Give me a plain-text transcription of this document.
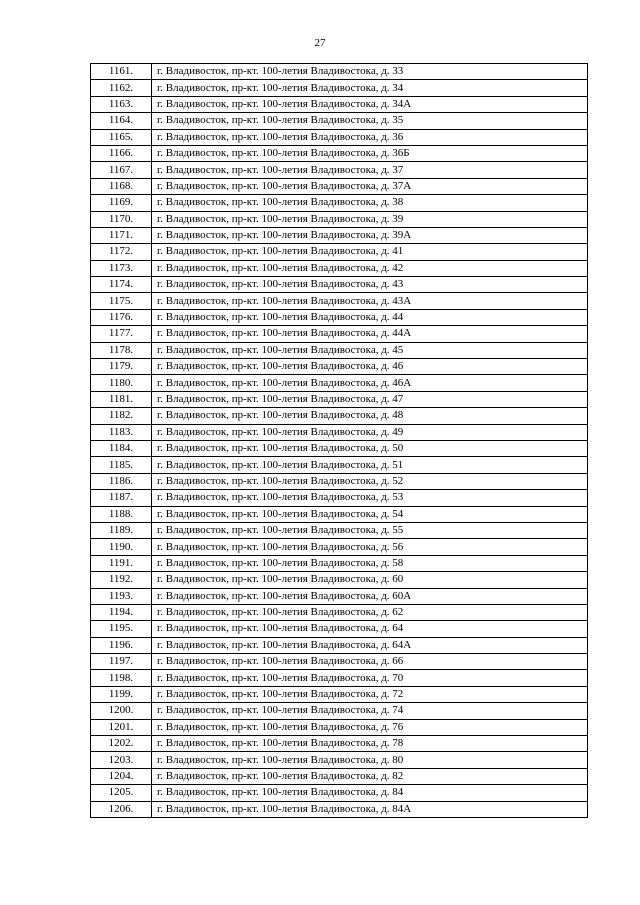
27
1161.	г. Владивосток, пр-кт. 100-летия Владивостока, д. 33
1162.	г. Владивосток, пр-кт. 100-летия Владивостока, д. 34
1163.	г. Владивосток, пр-кт. 100-летия Владивостока, д. 34А
1164.	г. Владивосток, пр-кт. 100-летия Владивостока, д. 35
1165.	г. Владивосток, пр-кт. 100-летия Владивостока, д. 36
1166.	г. Владивосток, пр-кт. 100-летия Владивостока, д. 36Б
1167.	г. Владивосток, пр-кт. 100-летия Владивостока, д. 37
1168.	г. Владивосток, пр-кт. 100-летия Владивостока, д. 37А
1169.	г. Владивосток, пр-кт. 100-летия Владивостока, д. 38
1170.	г. Владивосток, пр-кт. 100-летия Владивостока, д. 39
1171.	г. Владивосток, пр-кт. 100-летия Владивостока, д. 39А
1172.	г. Владивосток, пр-кт. 100-летия Владивостока, д. 41
1173.	г. Владивосток, пр-кт. 100-летия Владивостока, д. 42
1174.	г. Владивосток, пр-кт. 100-летия Владивостока, д. 43
1175.	г. Владивосток, пр-кт. 100-летия Владивостока, д. 43А
1176.	г. Владивосток, пр-кт. 100-летия Владивостока, д. 44
1177.	г. Владивосток, пр-кт. 100-летия Владивостока, д. 44А
1178.	г. Владивосток, пр-кт. 100-летия Владивостока, д. 45
1179.	г. Владивосток, пр-кт. 100-летия Владивостока, д. 46
1180.	г. Владивосток, пр-кт. 100-летия Владивостока, д. 46А
1181.	г. Владивосток, пр-кт. 100-летия Владивостока, д. 47
1182.	г. Владивосток, пр-кт. 100-летия Владивостока, д. 48
1183.	г. Владивосток, пр-кт. 100-летия Владивостока, д. 49
1184.	г. Владивосток, пр-кт. 100-летия Владивостока, д. 50
1185.	г. Владивосток, пр-кт. 100-летия Владивостока, д. 51
1186.	г. Владивосток, пр-кт. 100-летия Владивостока, д. 52
1187.	г. Владивосток, пр-кт. 100-летия Владивостока, д. 53
1188.	г. Владивосток, пр-кт. 100-летия Владивостока, д. 54
1189.	г. Владивосток, пр-кт. 100-летия Владивостока, д. 55
1190.	г. Владивосток, пр-кт. 100-летия Владивостока, д. 56
1191.	г. Владивосток, пр-кт. 100-летия Владивостока, д. 58
1192.	г. Владивосток, пр-кт. 100-летия Владивостока, д. 60
1193.	г. Владивосток, пр-кт. 100-летия Владивостока, д. 60А
1194.	г. Владивосток, пр-кт. 100-летия Владивостока, д. 62
1195.	г. Владивосток, пр-кт. 100-летия Владивостока, д. 64
1196.	г. Владивосток, пр-кт. 100-летия Владивостока, д. 64А
1197.	г. Владивосток, пр-кт. 100-летия Владивостока, д. 66
1198.	г. Владивосток, пр-кт. 100-летия Владивостока, д. 70
1199.	г. Владивосток, пр-кт. 100-летия Владивостока, д. 72
1200.	г. Владивосток, пр-кт. 100-летия Владивостока, д. 74
1201.	г. Владивосток, пр-кт. 100-летия Владивостока, д. 76
1202.	г. Владивосток, пр-кт. 100-летия Владивостока, д. 78
1203.	г. Владивосток, пр-кт. 100-летия Владивостока, д. 80
1204.	г. Владивосток, пр-кт. 100-летия Владивостока, д. 82
1205.	г. Владивосток, пр-кт. 100-летия Владивостока, д. 84
1206.	г. Владивосток, пр-кт. 100-летия Владивостока, д. 84А
